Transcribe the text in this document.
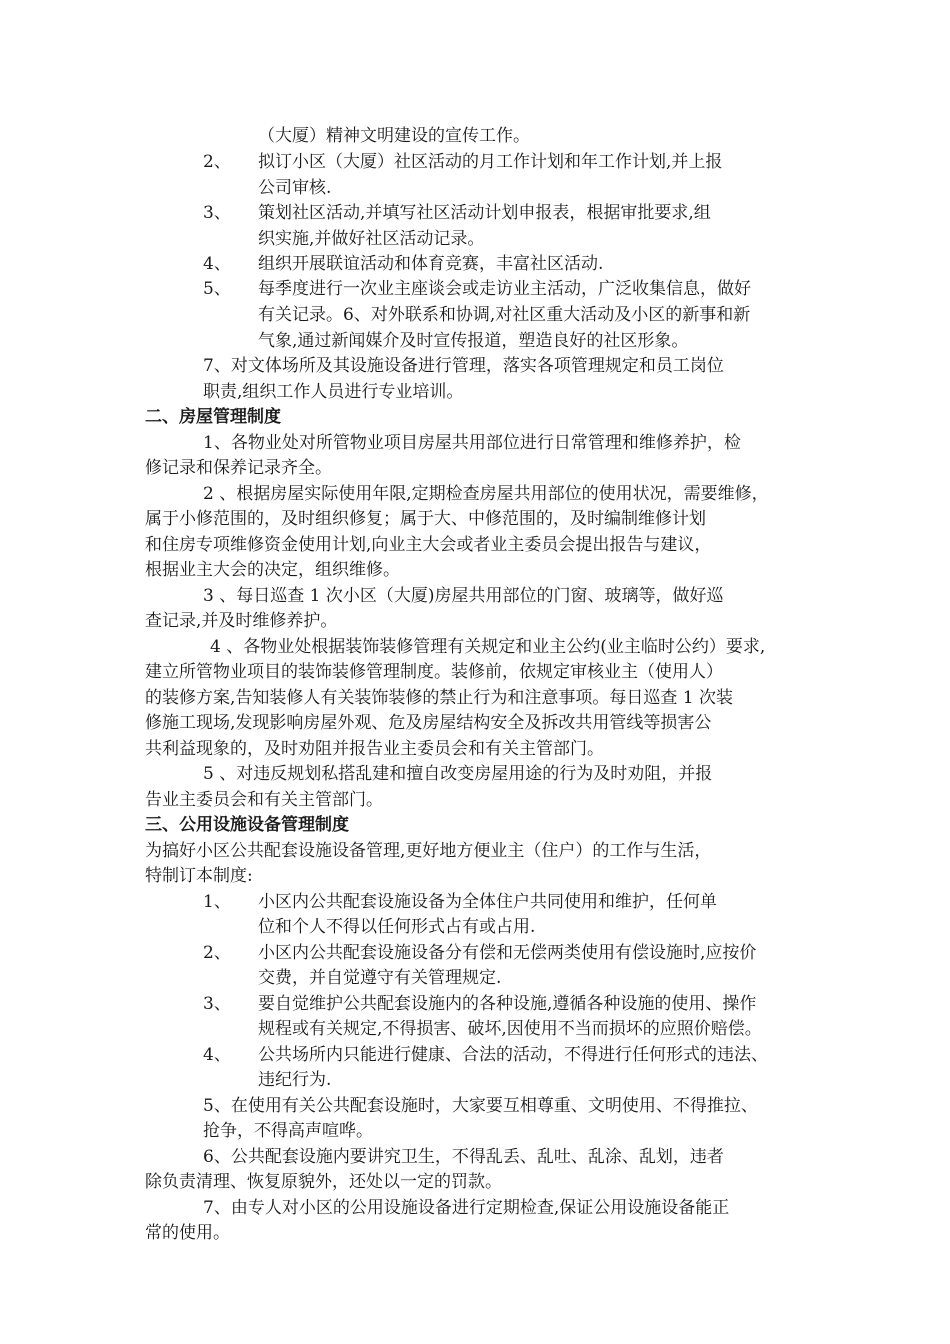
（大厦）精神文明建设的宣传工作。

2、 拟订小区（大厦）社区活动的月工作计划和年工作计划,并上报

公司审核.

3、 策划社区活动,并填写社区活动计划申报表，根据审批要求,组

织实施,并做好社区活动记录。

4、 组织开展联谊活动和体育竞赛，丰富社区活动.

5、 每季度进行一次业主座谈会或走访业主活动，广泛收集信息，做好

有关记录。6、对外联系和协调,对社区重大活动及小区的新事和新

气象,通过新闻媒介及时宣传报道，塑造良好的社区形象。

7、对文体场所及其设施设备进行管理，落实各项管理规定和员工岗位

职责,组织工作人员进行专业培训。

二、房屋管理制度

1、各物业处对所管物业项目房屋共用部位进行日常管理和维修养护，检

修记录和保养记录齐全。

2 、根据房屋实际使用年限,定期检查房屋共用部位的使用状况，需要维修，

属于小修范围的，及时组织修复；属于大、中修范围的，及时编制维修计划

和住房专项维修资金使用计划,向业主大会或者业主委员会提出报告与建议，

根据业主大会的决定，组织维修。

3 、每日巡查 1 次小区（大厦)房屋共用部位的门窗、玻璃等，做好巡

查记录,并及时维修养护。

4 、各物业处根据装饰装修管理有关规定和业主公约(业主临时公约）要求,

建立所管物业项目的装饰装修管理制度。装修前，依规定审核业主（使用人）

的装修方案,告知装修人有关装饰装修的禁止行为和注意事项。每日巡查 1 次装

修施工现场,发现影响房屋外观、危及房屋结构安全及拆改共用管线等损害公

共利益现象的，及时劝阻并报告业主委员会和有关主管部门。

5 、对违反规划私搭乱建和擅自改变房屋用途的行为及时劝阻，并报

告业主委员会和有关主管部门。

三、公用设施设备管理制度

为搞好小区公共配套设施设备管理,更好地方便业主（住户）的工作与生活，

特制订本制度:

1、 小区内公共配套设施设备为全体住户共同使用和维护，任何单

位和个人不得以任何形式占有或占用.

2、 小区内公共配套设施设备分有偿和无偿两类使用有偿设施时,应按价

交费，并自觉遵守有关管理规定.

3、 要自觉维护公共配套设施内的各种设施,遵循各种设施的使用、操作

规程或有关规定,不得损害、破坏,因使用不当而损坏的应照价赔偿。

4、 公共场所内只能进行健康、合法的活动，不得进行任何形式的违法、

违纪行为.

5、在使用有关公共配套设施时，大家要互相尊重、文明使用、不得推拉、

抢争，不得高声喧哗。

6、公共配套设施内要讲究卫生，不得乱丢、乱吐、乱涂、乱划，违者

除负责清理、恢复原貌外，还处以一定的罚款。

7、由专人对小区的公用设施设备进行定期检查,保证公用设施设备能正

常的使用。
